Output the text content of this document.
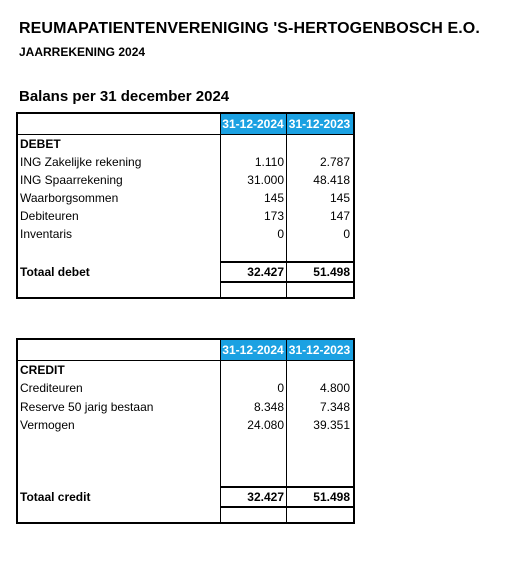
REUMAPATIENTENVERENIGING 'S-HERTOGENBOSCH E.O.
JAARREKENING 2024
Balans per 31 december 2024
31-12-2024 31-12-2023
DEBET
ING Zakelijke rekening	1.110	2.787
ING Spaarrekening	31.000	48.418
Waarborgsommen	145	145
Debiteuren	173	147
Inventaris	0	0
Totaal debet	32.427	51.498
31-12-2024 31-12-2023
CREDIT
Crediteuren	0	4.800
Reserve 50 jarig bestaan	8.348	7.348
Vermogen	24.080	39.351
Totaal credit	32.427	51.498
